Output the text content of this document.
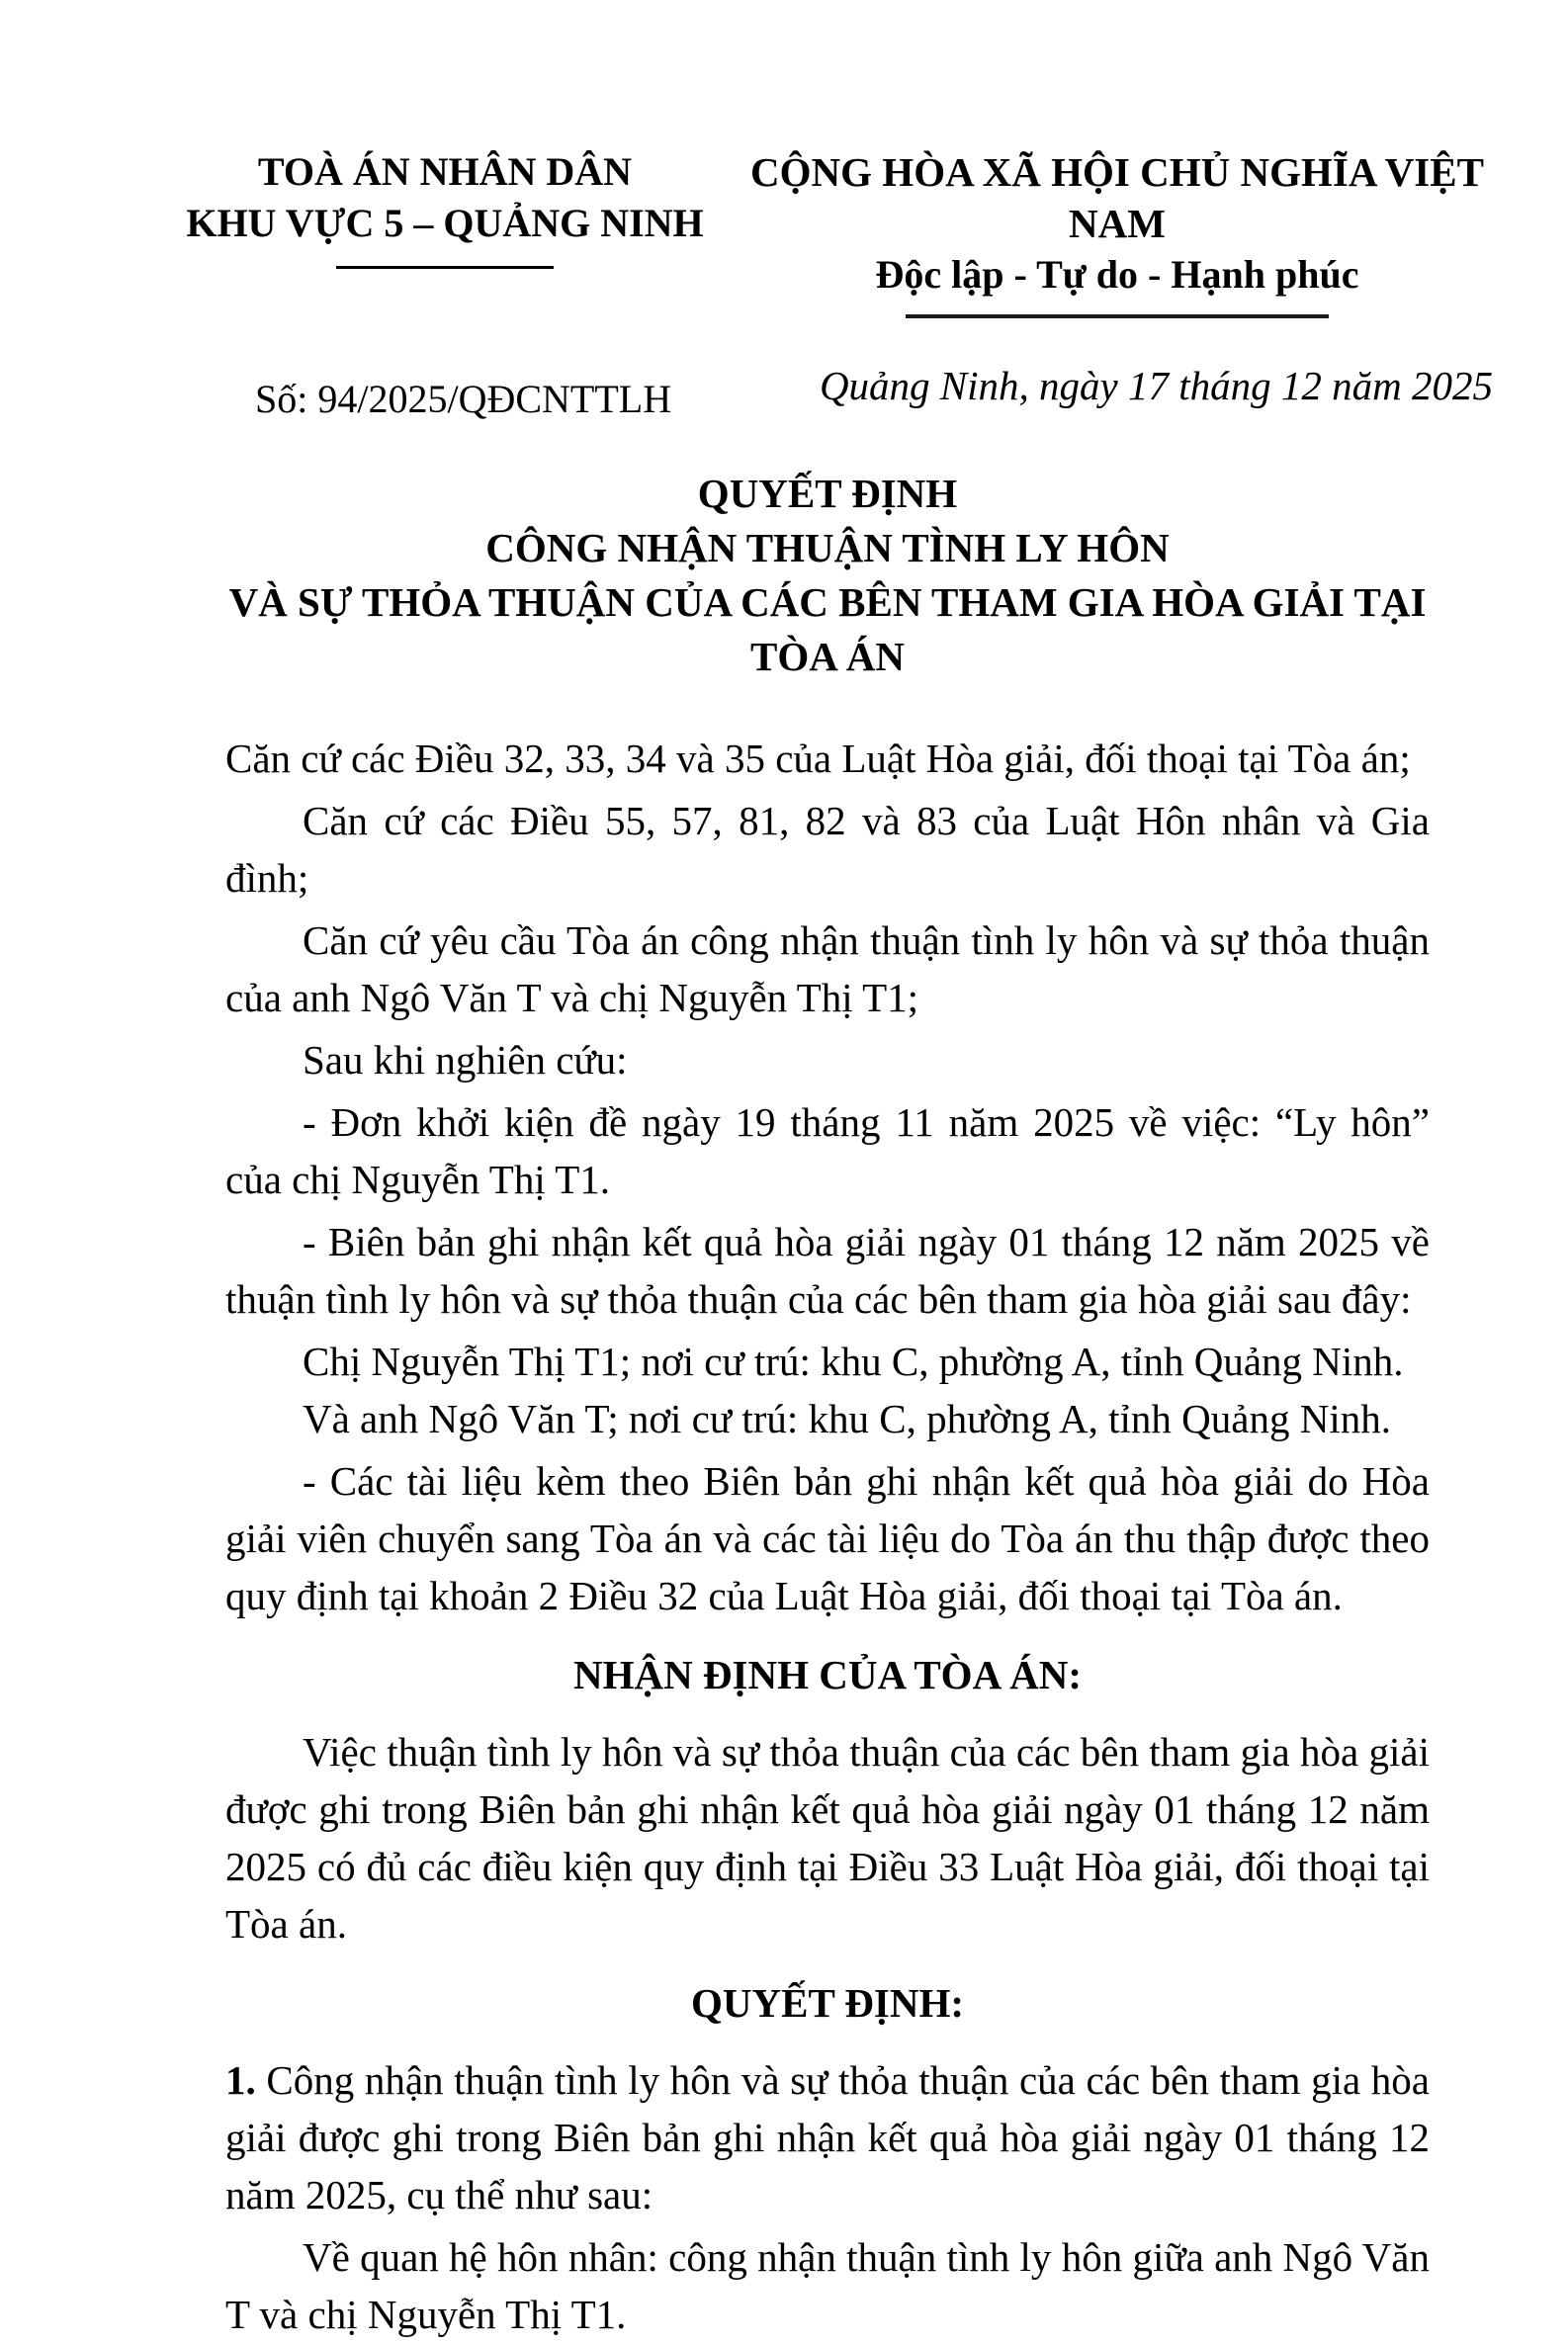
TOÀ ÁN NHÂN DÂN
KHU VỰC 5 – QUẢNG NINH
CỘNG HÒA XÃ HỘI CHỦ NGHĨA VIỆT NAM
Độc lập - Tự do - Hạnh phúc
Số: 94/2025/QĐCNTTLH	Quảng Ninh, ngày 17 tháng 12 năm 2025
QUYẾT ĐỊNH
CÔNG NHẬN THUẬN TÌNH LY HÔN
VÀ SỰ THỎA THUẬN CỦA CÁC BÊN THAM GIA HÒA GIẢI TẠI TÒA ÁN

Căn cứ các Điều 32, 33, 34 và 35 của Luật Hòa giải, đối thoại tại Tòa án;

Căn cứ các Điều 55, 57, 81, 82 và 83 của Luật Hôn nhân và Gia đình;

Căn cứ yêu cầu Tòa án công nhận thuận tình ly hôn và sự thỏa thuận của anh Ngô Văn T và chị Nguyễn Thị T1;

Sau khi nghiên cứu:

- Đơn khởi kiện đề ngày 19 tháng 11 năm 2025 về việc: “Ly hôn” của chị Nguyễn Thị T1.

- Biên bản ghi nhận kết quả hòa giải ngày 01 tháng 12 năm 2025 về thuận tình ly hôn và sự thỏa thuận của các bên tham gia hòa giải sau đây:

Chị Nguyễn Thị T1; nơi cư trú: khu C, phường A, tỉnh Quảng Ninh.

Và anh Ngô Văn T; nơi cư trú: khu C, phường A, tỉnh Quảng Ninh.

- Các tài liệu kèm theo Biên bản ghi nhận kết quả hòa giải do Hòa giải viên chuyển sang Tòa án và các tài liệu do Tòa án thu thập được theo quy định tại khoản 2 Điều 32 của Luật Hòa giải, đối thoại tại Tòa án.

NHẬN ĐỊNH CỦA TÒA ÁN:

Việc thuận tình ly hôn và sự thỏa thuận của các bên tham gia hòa giải được ghi trong Biên bản ghi nhận kết quả hòa giải ngày 01 tháng 12 năm 2025 có đủ các điều kiện quy định tại Điều 33 Luật Hòa giải, đối thoại tại Tòa án.

QUYẾT ĐỊNH:

1. Công nhận thuận tình ly hôn và sự thỏa thuận của các bên tham gia hòa giải được ghi trong Biên bản ghi nhận kết quả hòa giải ngày 01 tháng 12 năm 2025, cụ thể như sau:

Về quan hệ hôn nhân: công nhận thuận tình ly hôn giữa anh Ngô Văn T và chị Nguyễn Thị T1.
